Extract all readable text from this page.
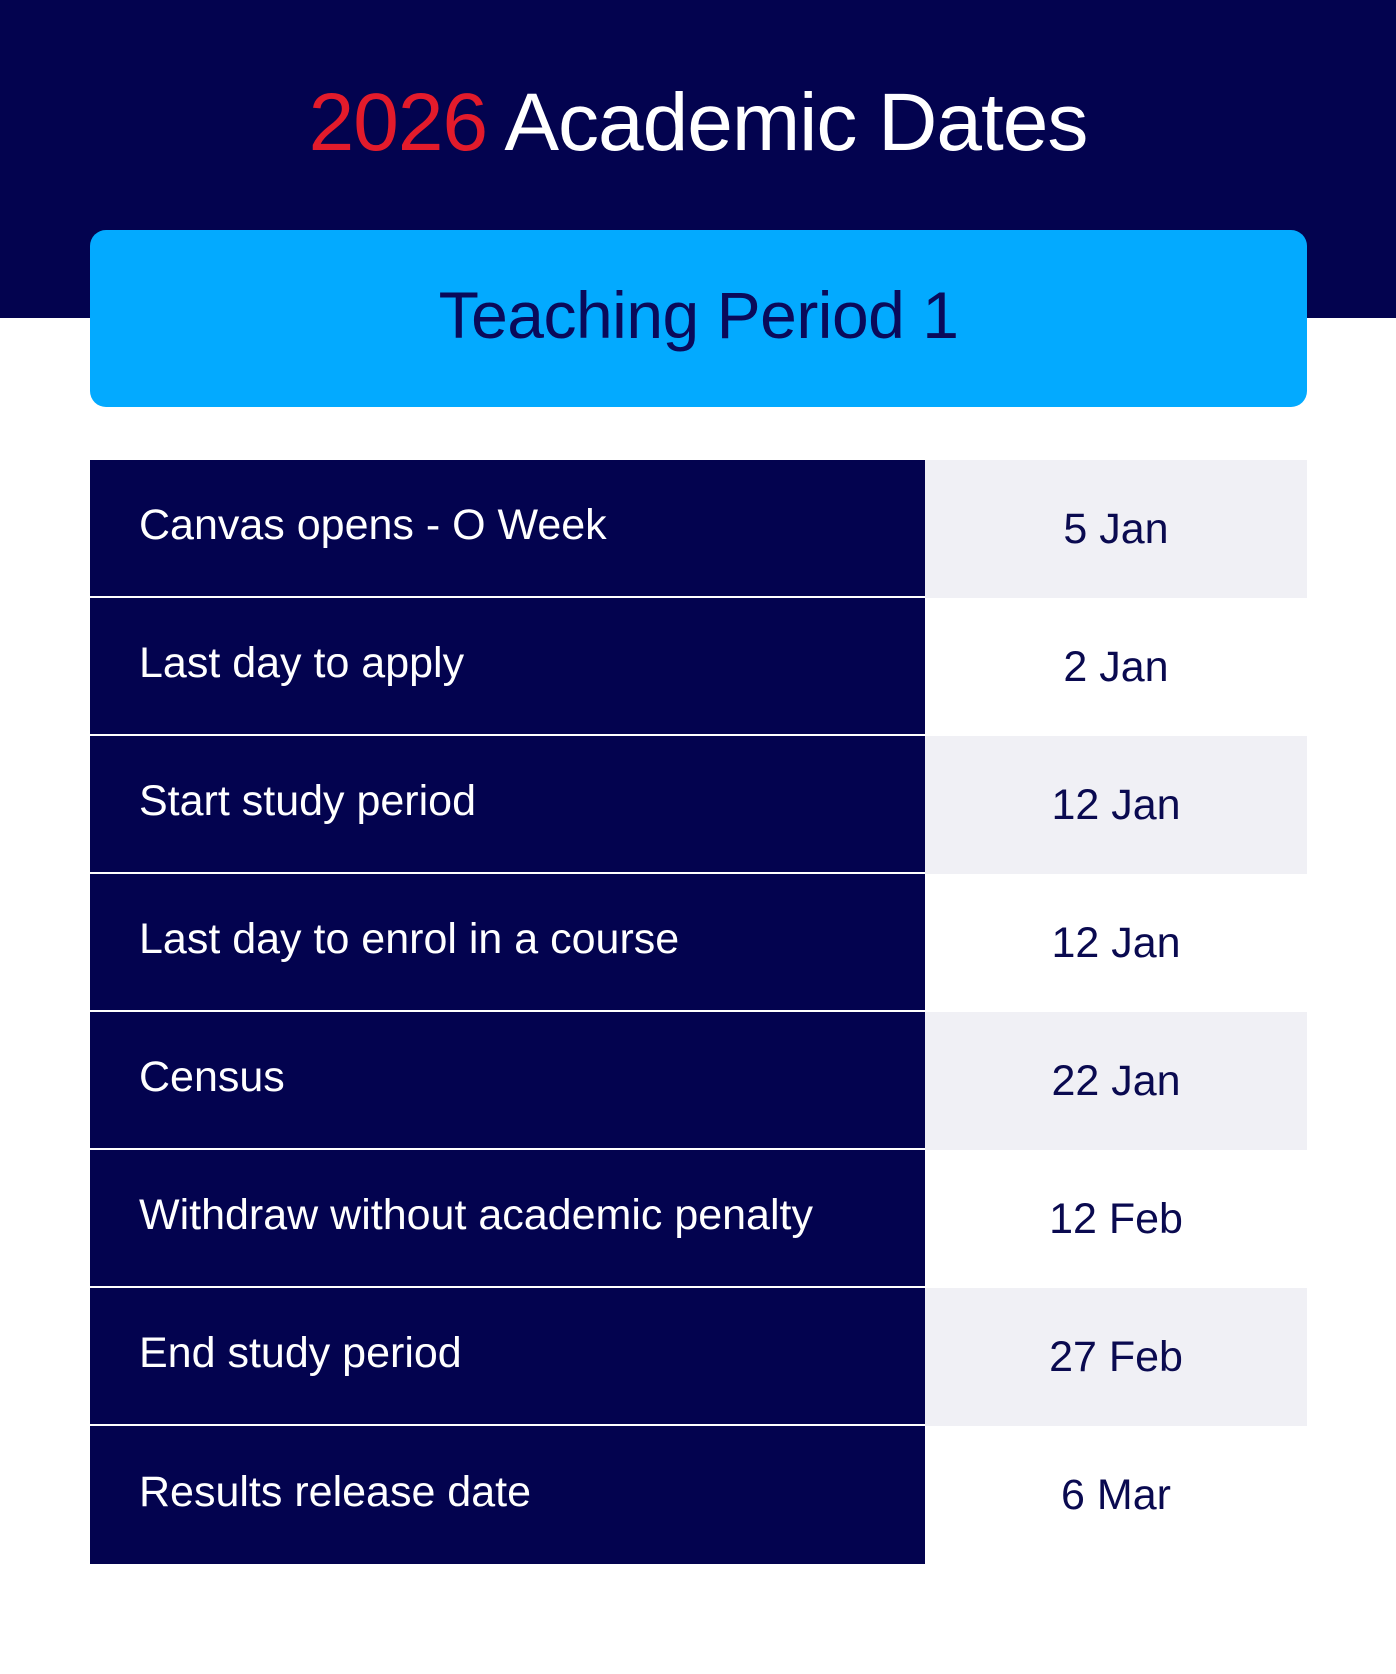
2026 Academic Dates
Teaching Period 1
Canvas opens - O Week	5 Jan
Last day to apply	2 Jan
Start study period	12 Jan
Last day to enrol in a course	12 Jan
Census	22 Jan
Withdraw without academic penalty	12 Feb
End study period	27 Feb
Results release date	6 Mar
